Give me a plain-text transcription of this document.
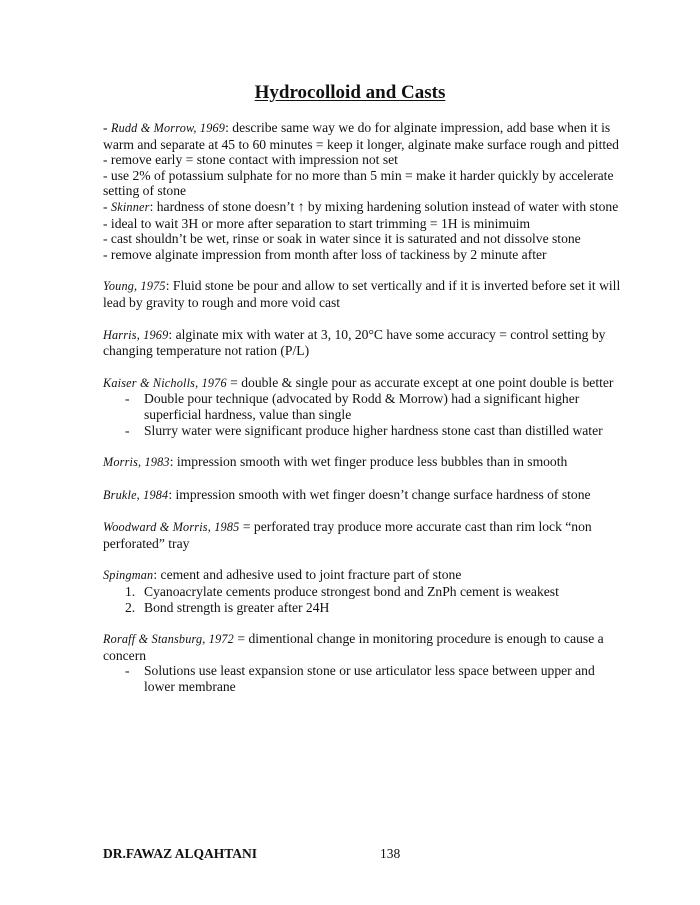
Hydrocolloid and Casts

- Rudd & Morrow, 1969: describe same way we do for alginate impression, add base when it is warm and separate at 45 to 60 minutes = keep it longer, alginate make surface rough and pitted

- remove early = stone contact with impression not set

- use 2% of potassium sulphate for no more than 5 min = make it harder quickly by accelerate setting of stone

- Skinner: hardness of stone doesn’t ↑ by mixing hardening solution instead of water with stone

- ideal to wait 3H or more after separation to start trimming = 1H is minimuim

- cast shouldn’t be wet, rinse or soak in water since it is saturated and not dissolve stone

- remove alginate impression from month after loss of tackiness by 2 minute after

Young, 1975: Fluid stone be pour and allow to set vertically and if it is inverted before set it will lead by gravity to rough and more void cast

Harris, 1969: alginate mix with water at 3, 10, 20°C have some accuracy = control setting by changing temperature not ration (P/L)

Kaiser & Nicholls, 1976 = double & single pour as accurate except at one point double is better

- Double pour technique (advocated by Rodd & Morrow) had a significant higher superficial hardness, value than single
- Slurry water were significant produce higher hardness stone cast than distilled water

Morris, 1983: impression smooth with wet finger produce less bubbles than in smooth

Brukle, 1984: impression smooth with wet finger doesn’t change surface hardness of stone

Woodward & Morris, 1985 = perforated tray produce more accurate cast than rim lock “non perforated” tray

Spingman: cement and adhesive used to joint fracture part of stone

1. Cyanoacrylate cements produce strongest bond and ZnPh cement is weakest
2. Bond strength is greater after 24H

Roraff & Stansburg, 1972 = dimentional change in monitoring procedure is enough to cause a concern

- Solutions use least expansion stone or use articulator less space between upper and lower membrane
DR.FAWAZ ALQAHTANI	138
